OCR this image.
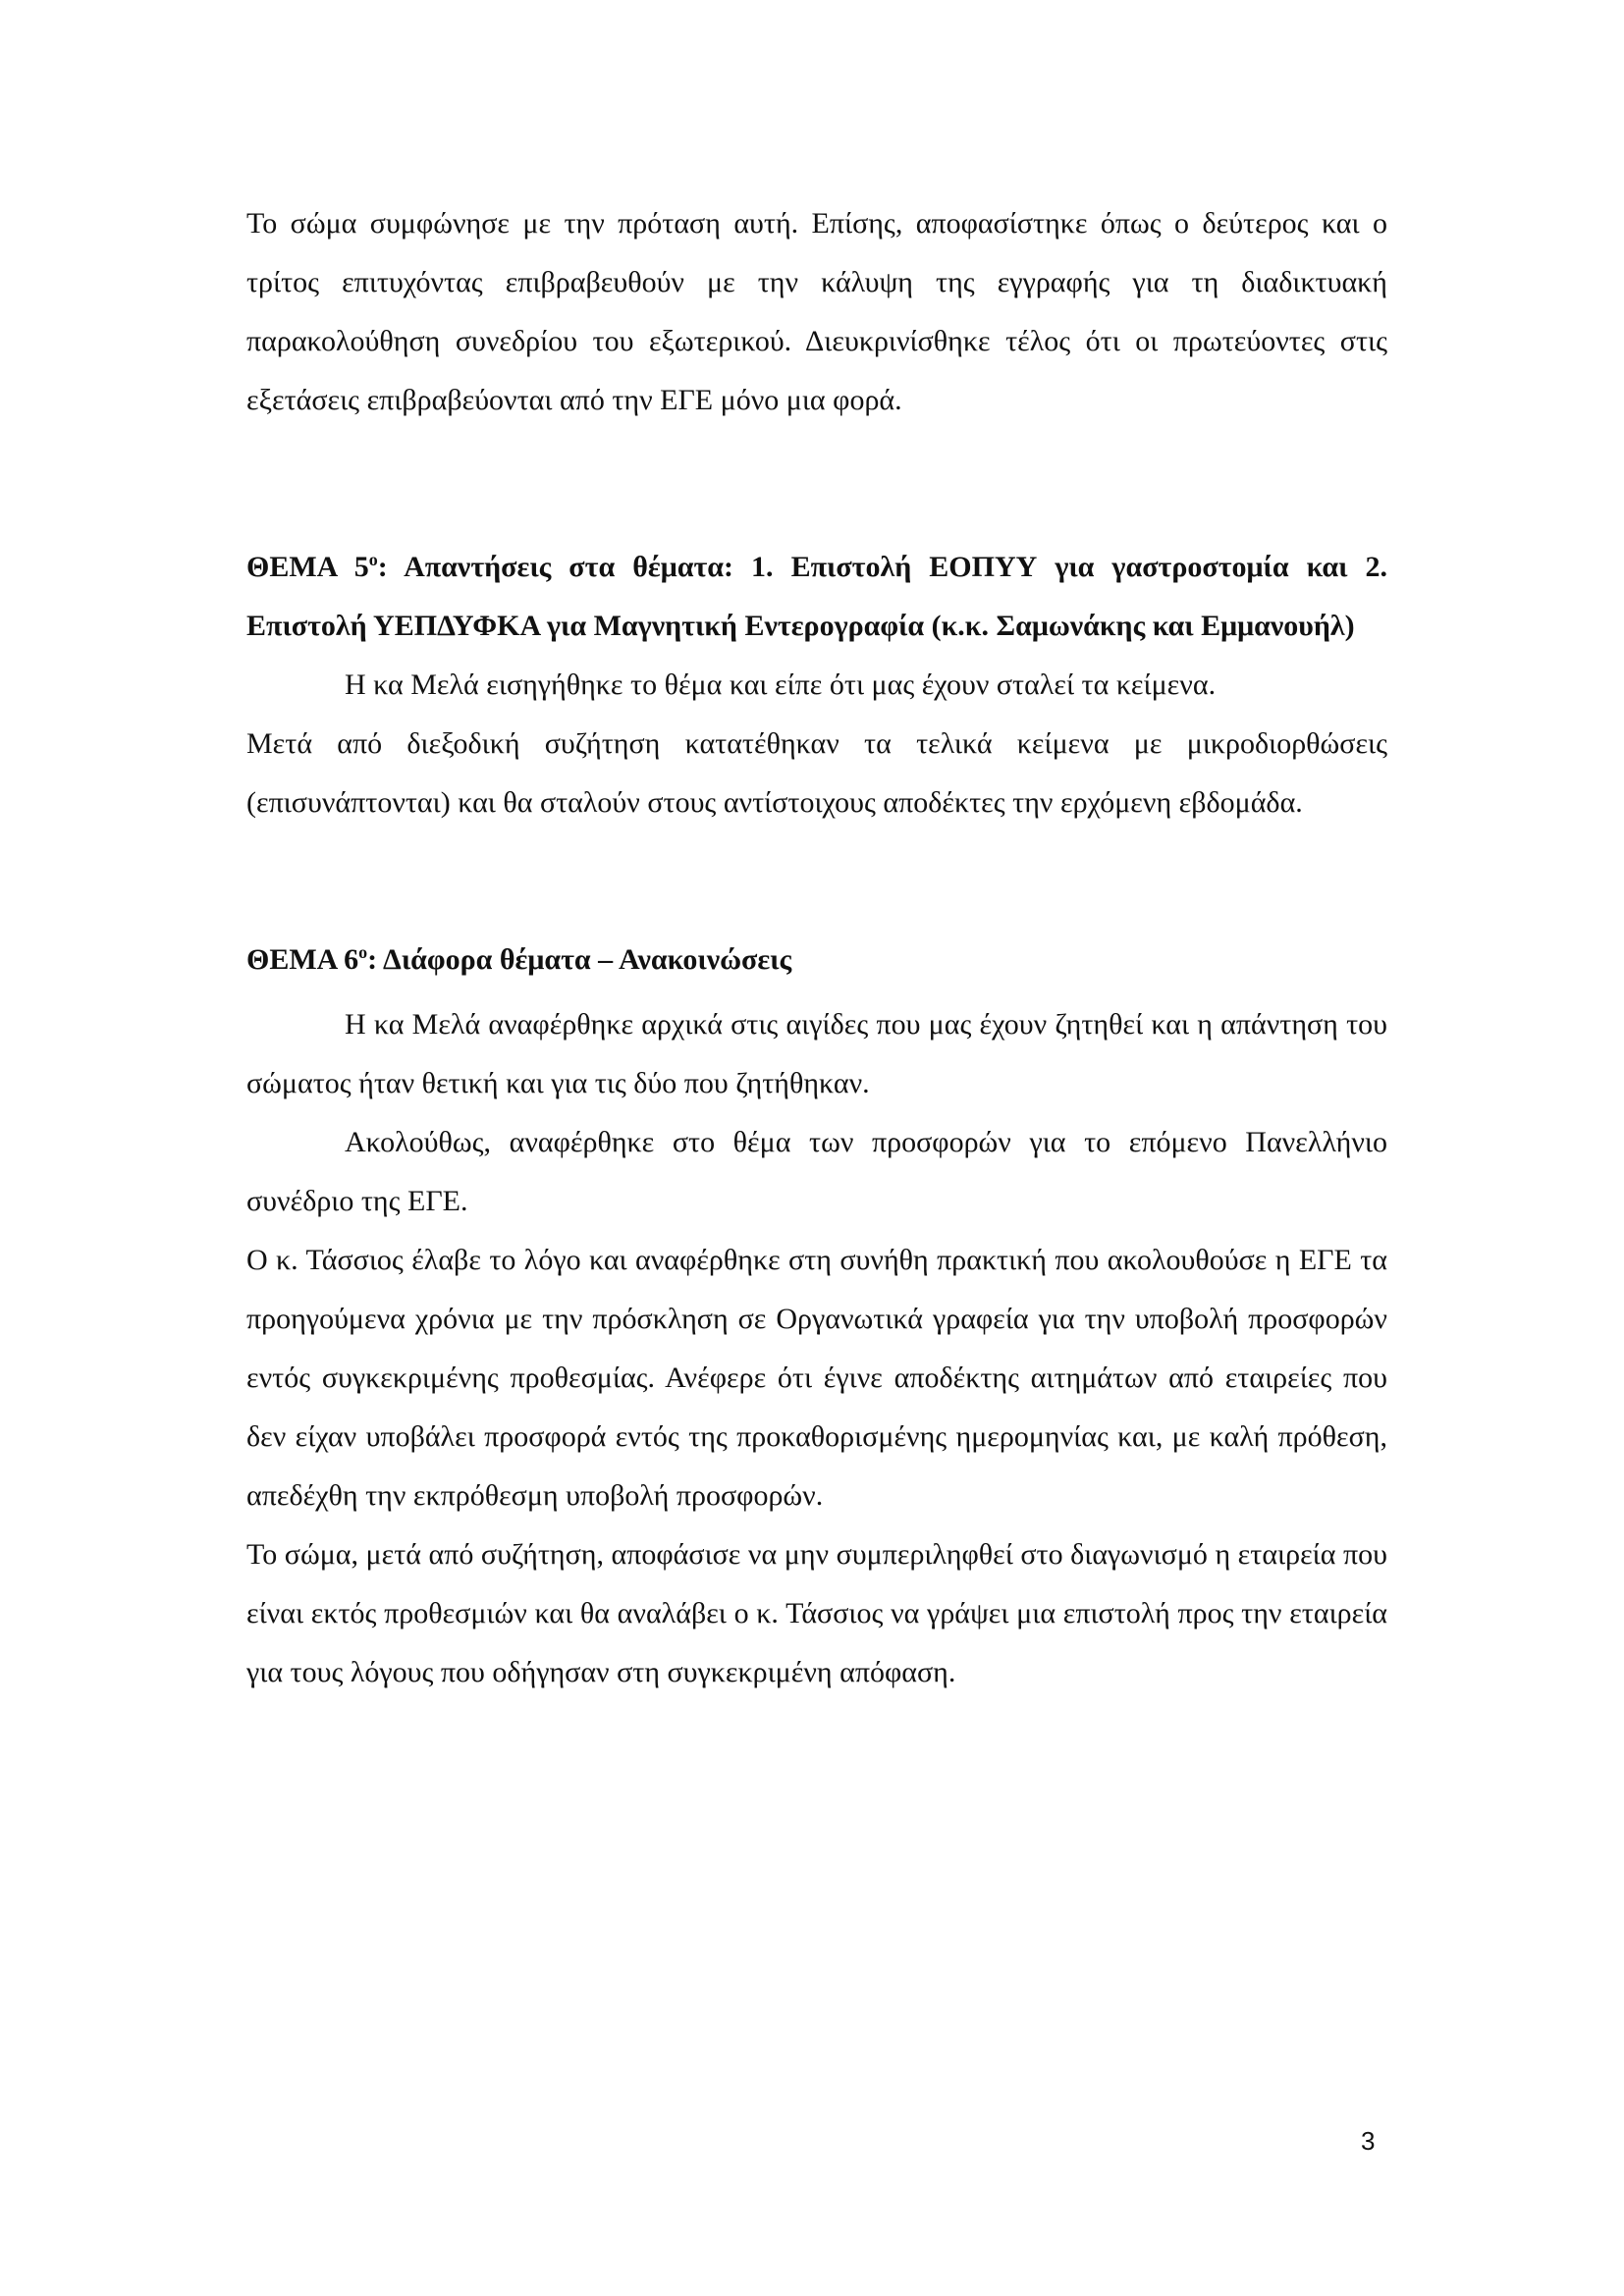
Το σώμα συμφώνησε με την πρόταση αυτή. Επίσης, αποφασίστηκε όπως ο δεύτερος και ο τρίτος επιτυχόντας επιβραβευθούν με την κάλυψη της εγγραφής για τη διαδικτυακή παρακολούθηση συνεδρίου του εξωτερικού. Διευκρινίσθηκε τέλος ότι οι πρωτεύοντες στις εξετάσεις επιβραβεύονται από την ΕΓΕ μόνο μια φορά.

ΘΕΜΑ $5^o$: Απαντήσεις στα θέματα: 1. Επιστολή ΕΟΠΥΥ για γαστροστομία και 2. Επιστολή ΥΕΠΔΥΦΚΑ για Μαγνητική Εντερογραφία (κ.κ. Σαμωνάκης και Εμμανουήλ)

Η κα Μελά εισηγήθηκε το θέμα και είπε ότι μας έχουν σταλεί τα κείμενα.

Μετά από διεξοδική συζήτηση κατατέθηκαν τα τελικά κείμενα με μικροδιορθώσεις (επισυνάπτονται) και θα σταλούν στους αντίστοιχους αποδέκτες την ερχόμενη εβδομάδα.

ΘΕΜΑ $6^o$: Διάφορα θέματα – Ανακοινώσεις

Η κα Μελά αναφέρθηκε αρχικά στις αιγίδες που μας έχουν ζητηθεί και η απάντηση του σώματος ήταν θετική και για τις δύο που ζητήθηκαν.

Ακολούθως, αναφέρθηκε στο θέμα των προσφορών για το επόμενο Πανελλήνιο συνέδριο της ΕΓΕ.

Ο κ. Τάσσιος έλαβε το λόγο και αναφέρθηκε στη συνήθη πρακτική που ακολουθούσε η ΕΓΕ τα προηγούμενα χρόνια με την πρόσκληση σε Οργανωτικά γραφεία για την υποβολή προσφορών εντός συγκεκριμένης προθεσμίας. Ανέφερε ότι έγινε αποδέκτης αιτημάτων από εταιρείες που δεν είχαν υποβάλει προσφορά εντός της προκαθορισμένης ημερομηνίας και, με καλή πρόθεση, απεδέχθη την εκπρόθεσμη υποβολή προσφορών.

Το σώμα, μετά από συζήτηση, αποφάσισε να μην συμπεριληφθεί στο διαγωνισμό η εταιρεία που είναι εκτός προθεσμιών και θα αναλάβει ο κ. Τάσσιος να γράψει μια επιστολή προς την εταιρεία για τους λόγους που οδήγησαν στη συγκεκριμένη απόφαση.

3
